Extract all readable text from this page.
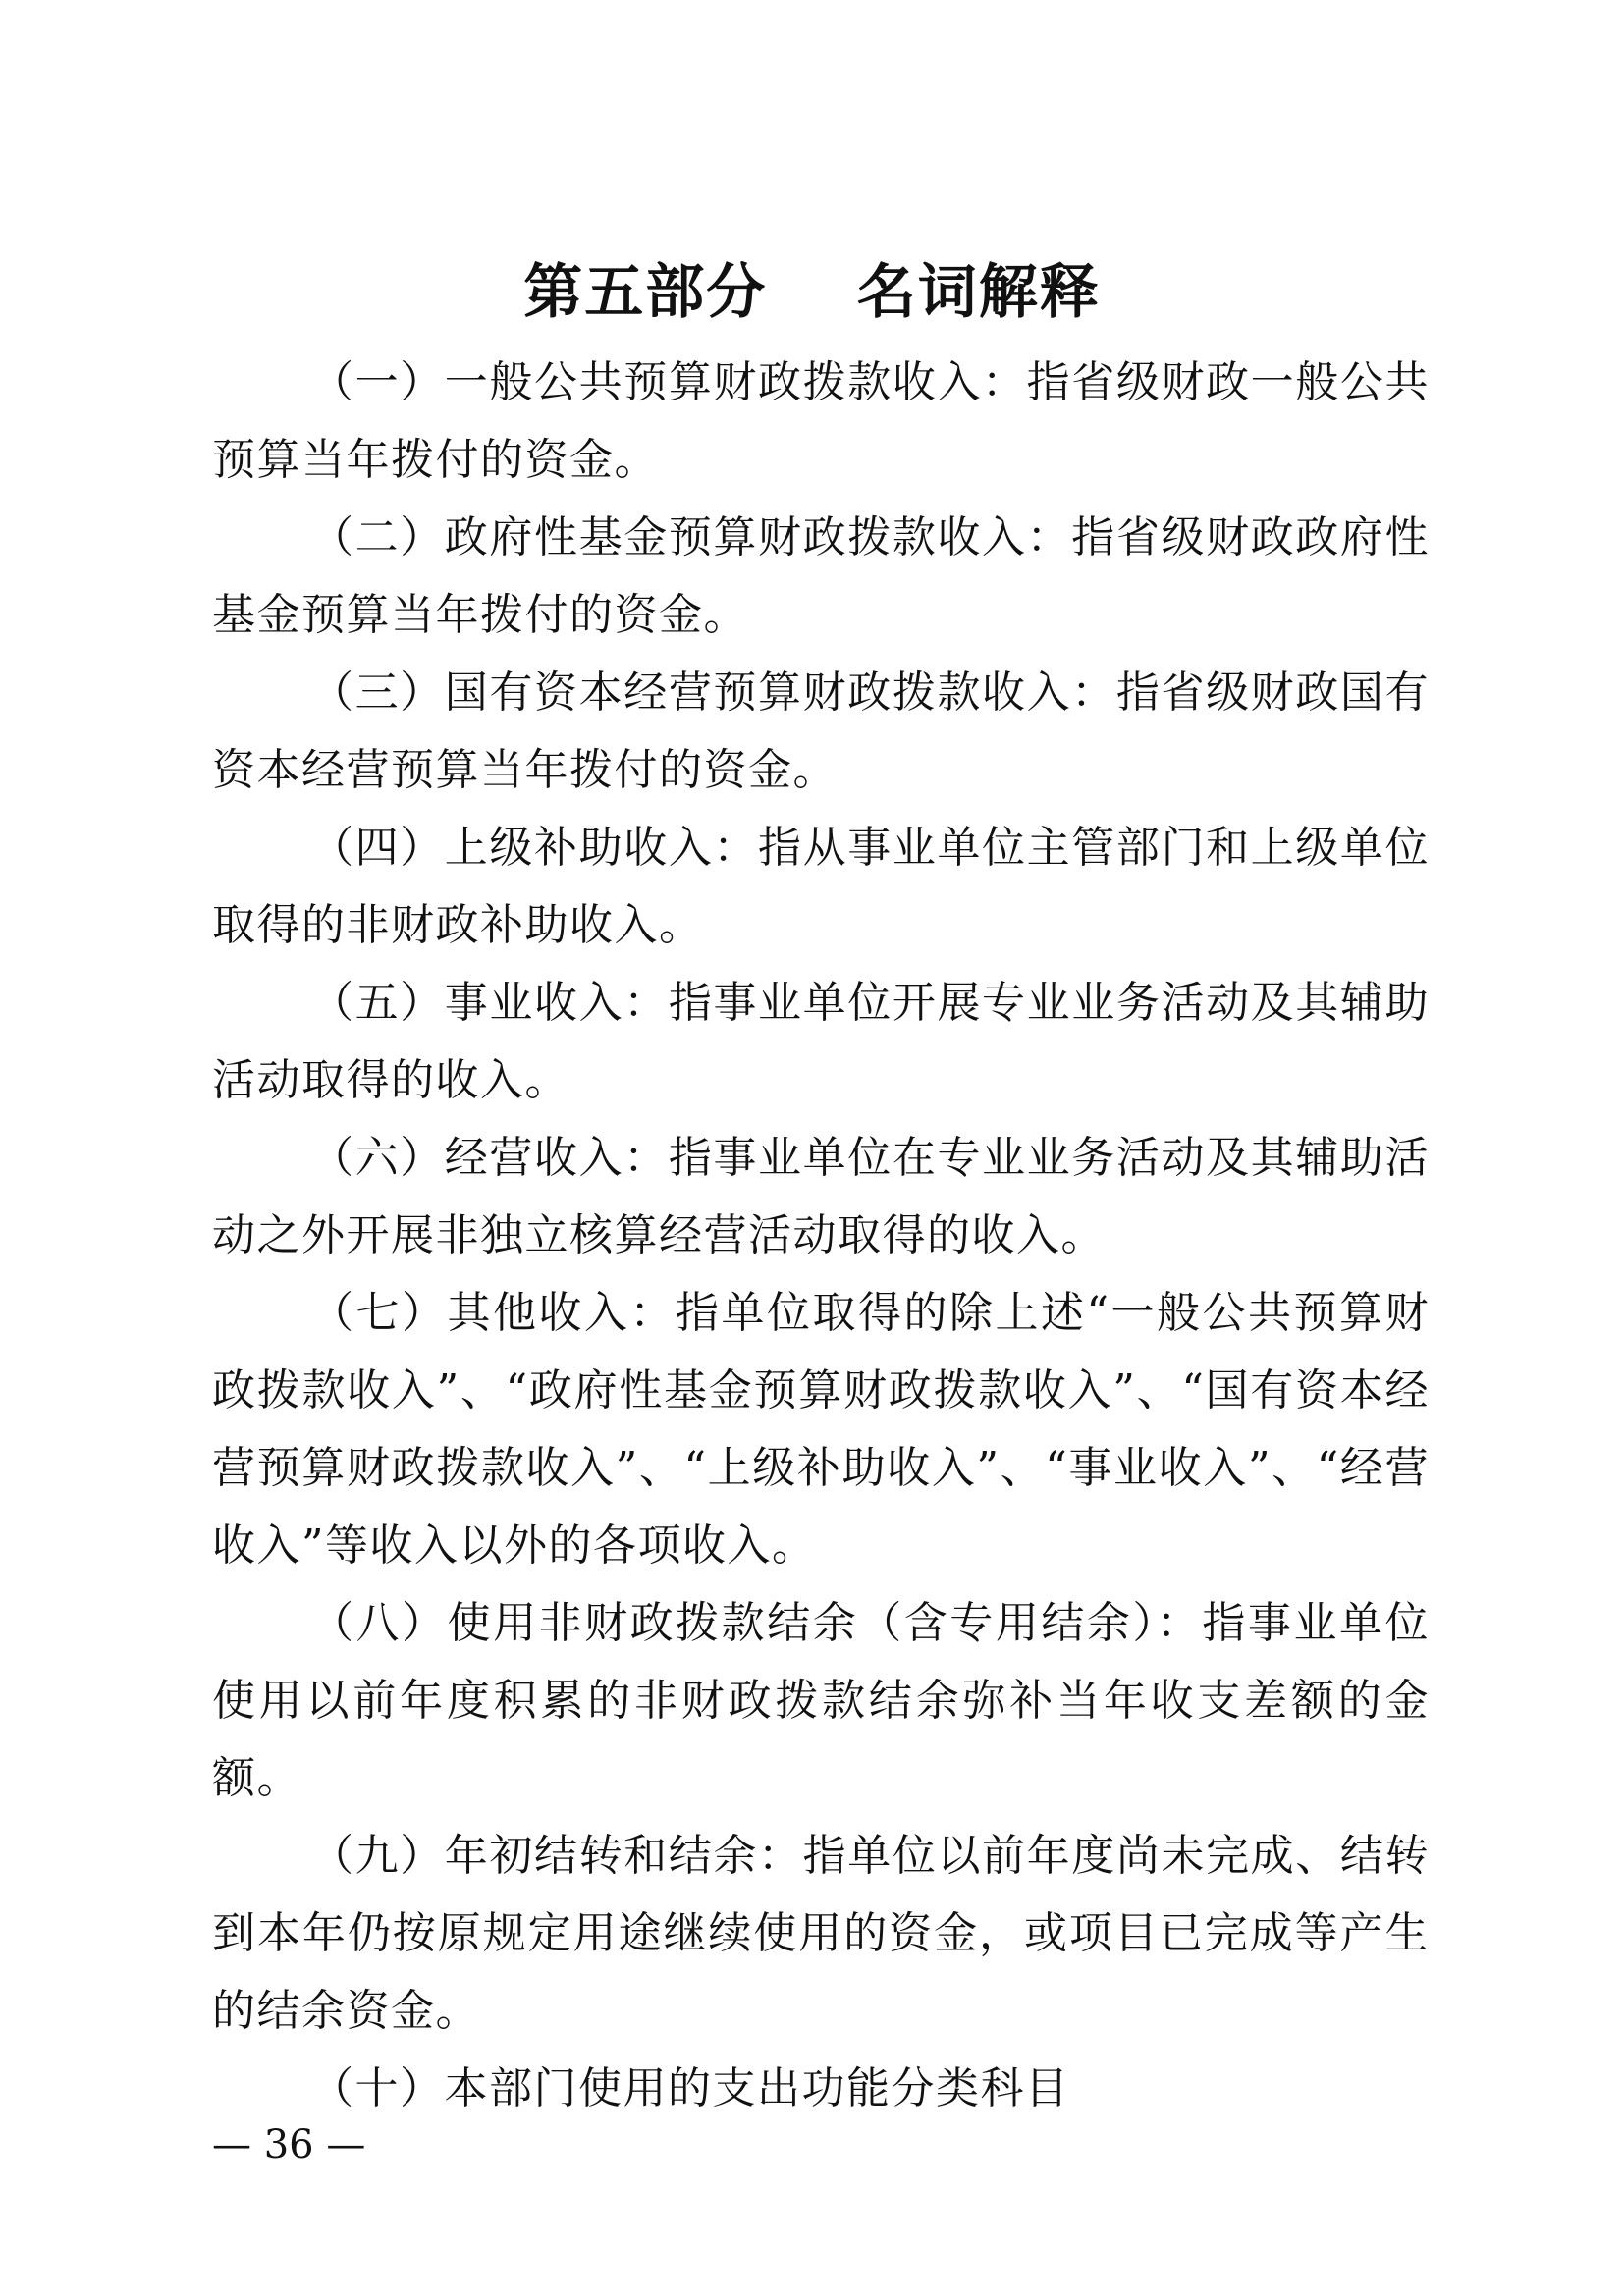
第五部分    名词解释

（一）一般公共预算财政拨款收入：指省级财政一般公共预算当年拨付的资金。

（二）政府性基金预算财政拨款收入：指省级财政政府性基金预算当年拨付的资金。

（三）国有资本经营预算财政拨款收入：指省级财政国有资本经营预算当年拨付的资金。

（四）上级补助收入：指从事业单位主管部门和上级单位取得的非财政补助收入。

（五）事业收入：指事业单位开展专业业务活动及其辅助活动取得的收入。

（六）经营收入：指事业单位在专业业务活动及其辅助活动之外开展非独立核算经营活动取得的收入。

（七）其他收入：指单位取得的除上述“一般公共预算财政拨款收入”、“政府性基金预算财政拨款收入”、“国有资本经营预算财政拨款收入”、“上级补助收入”、“事业收入”、“经营收入”等收入以外的各项收入。

（八）使用非财政拨款结余（含专用结余）：指事业单位使用以前年度积累的非财政拨款结余弥补当年收支差额的金额。

（九）年初结转和结余：指单位以前年度尚未完成、结转到本年仍按原规定用途继续使用的资金，或项目已完成等产生的结余资金。

（十）本部门使用的支出功能分类科目

— 36 —
